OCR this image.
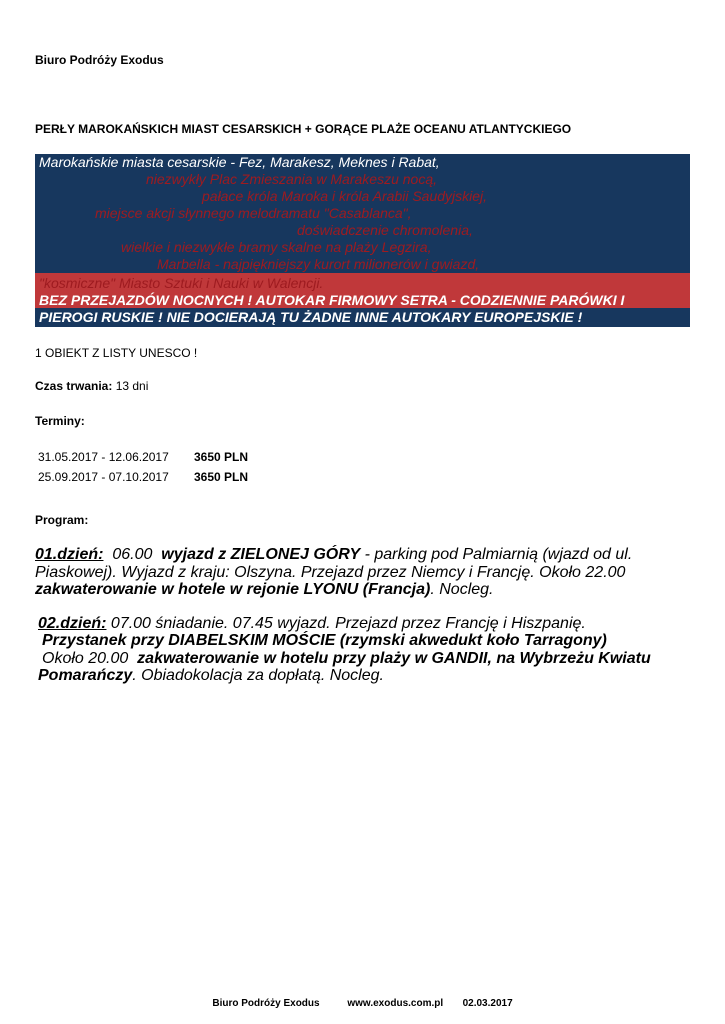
Biuro Podróży Exodus
PERŁY MAROKAŃSKICH MIAST CESARSKICH + GORĄCE PLAŻE OCEANU ATLANTYCKIEGO
Marokańskie miasta cesarskie - Fez, Marakesz, Meknes i Rabat,
niezwykły Plac Zmieszania w Marakeszu nocą,
pałace króla Maroka i króla Arabii Saudyjskiej,
miejsce akcji słynnego melodramatu "Casablanca",
doświadczenie chromolenia,
wielkie i niezwykłe bramy skalne na plaży Legzira,
Marbella - najpiękniejszy kurort milionerów i gwiazd,
"kosmiczne" Miasto Sztuki i Nauki w Walencji.
BEZ PRZEJAZDÓW NOCNYCH ! AUTOKAR FIRMOWY SETRA - CODZIENNIE PARÓWKI I
PIEROGI RUSKIE ! NIE DOCIERAJĄ TU ŻADNE INNE AUTOKARY EUROPEJSKIE !
1 OBIEKT Z LISTY UNESCO !
Czas trwania: 13 dni
Terminy:
31.05.2017 - 12.06.2017 3650 PLN
25.09.2017 - 07.10.2017 3650 PLN
Program:
01.dzień: 06.00 wyjazd z ZIELONEJ GÓRY - parking pod Palmiarnią (wjazd od ul.
Piaskowej). Wyjazd z kraju: Olszyna. Przejazd przez Niemcy i Francję. Około 22.00
zakwaterowanie w hotele w rejonie LYONU (Francja). Nocleg.
02.dzień: 07.00 śniadanie. 07.45 wyjazd. Przejazd przez Francję i Hiszpanię.
Przystanek przy DIABELSKIM MOŚCIE (rzymski akwedukt koło Tarragony)
Około 20.00 zakwaterowanie w hotelu przy plaży w GANDII, na Wybrzeżu Kwiatu
Pomarańczy. Obiadokolacja za dopłatą. Nocleg.
Biuro Podróży Exodus	www.exodus.com.pl 02.03.2017
